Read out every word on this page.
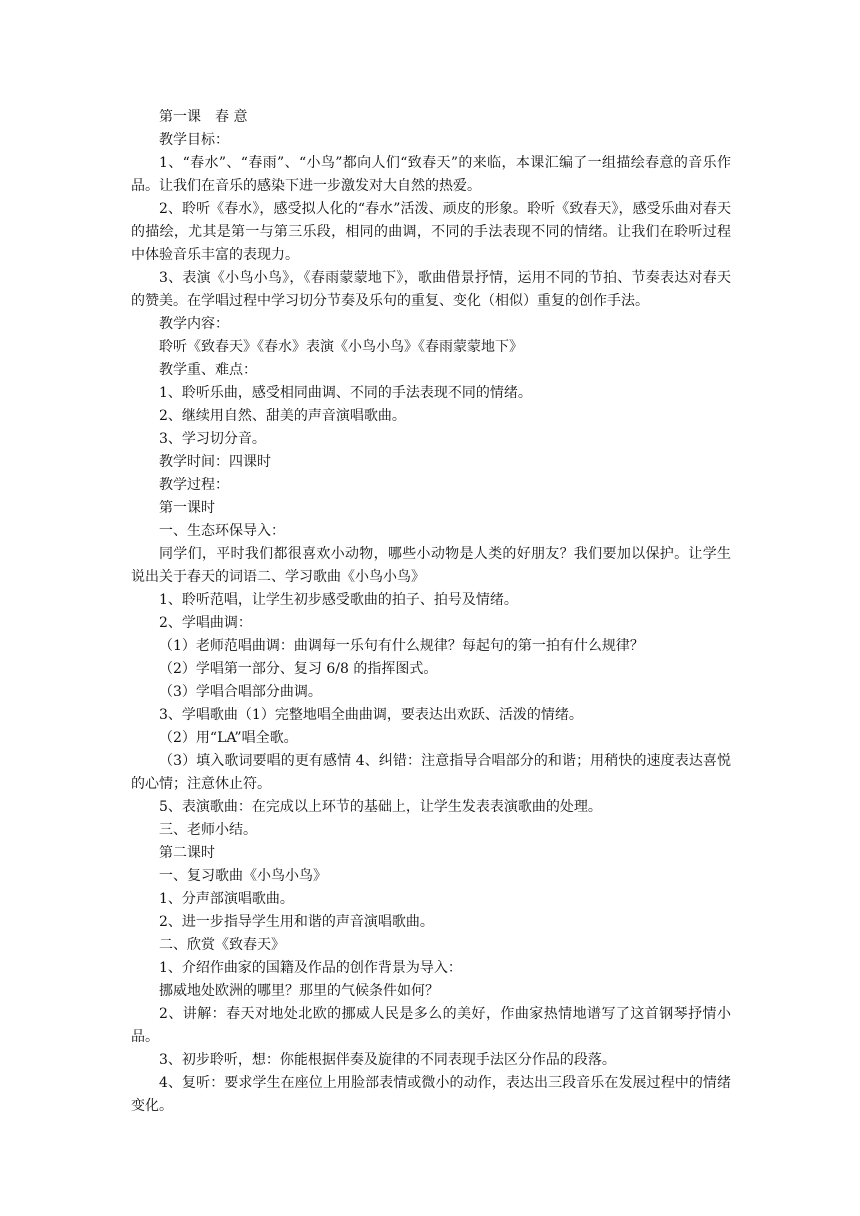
第一课　春 意

教学目标：

1、“春水”、“春雨”、“小鸟”都向人们“致春天”的来临，本课汇编了一组描绘春意的音乐作品。让我们在音乐的感染下进一步激发对大自然的热爱。

2、聆听《春水》，感受拟人化的“春水”活泼、顽皮的形象。聆听《致春天》，感受乐曲对春天的描绘，尤其是第一与第三乐段，相同的曲调，不同的手法表现不同的情绪。让我们在聆听过程中体验音乐丰富的表现力。

3、表演《小鸟小鸟》，《春雨蒙蒙地下》，歌曲借景抒情，运用不同的节拍、节奏表达对春天的赞美。在学唱过程中学习切分节奏及乐句的重复、变化（相似）重复的创作手法。

教学内容：

聆听《致春天》《春水》表演《小鸟小鸟》《春雨蒙蒙地下》

教学重、难点：

1、聆听乐曲，感受相同曲调、不同的手法表现不同的情绪。

2、继续用自然、甜美的声音演唱歌曲。

3、学习切分音。

教学时间：四课时

教学过程：

第一课时

一、生态环保导入：

同学们，平时我们都很喜欢小动物，哪些小动物是人类的好朋友？我们要加以保护。让学生说出关于春天的词语二、学习歌曲《小鸟小鸟》

1、聆听范唱，让学生初步感受歌曲的拍子、拍号及情绪。

2、学唱曲调：

（1）老师范唱曲调：曲调每一乐句有什么规律？每起句的第一拍有什么规律？

（2）学唱第一部分、复习 6/8 的指挥图式。

（3）学唱合唱部分曲调。

3、学唱歌曲（1）完整地唱全曲曲调，要表达出欢跃、活泼的情绪。

（2）用“LA”唱全歌。

（3）填入歌词要唱的更有感情 4、纠错：注意指导合唱部分的和谐；用稍快的速度表达喜悦的心情；注意休止符。

5、表演歌曲：在完成以上环节的基础上，让学生发表表演歌曲的处理。

三、老师小结。

第二课时

一、复习歌曲《小鸟小鸟》

1、分声部演唱歌曲。

2、进一步指导学生用和谐的声音演唱歌曲。

二、欣赏《致春天》

1、介绍作曲家的国籍及作品的创作背景为导入：

挪威地处欧洲的哪里？那里的气候条件如何？

2、讲解：春天对地处北欧的挪威人民是多么的美好，作曲家热情地谱写了这首钢琴抒情小品。

3、初步聆听，想：你能根据伴奏及旋律的不同表现手法区分作品的段落。

4、复听：要求学生在座位上用脸部表情或微小的动作，表达出三段音乐在发展过程中的情绪变化。
